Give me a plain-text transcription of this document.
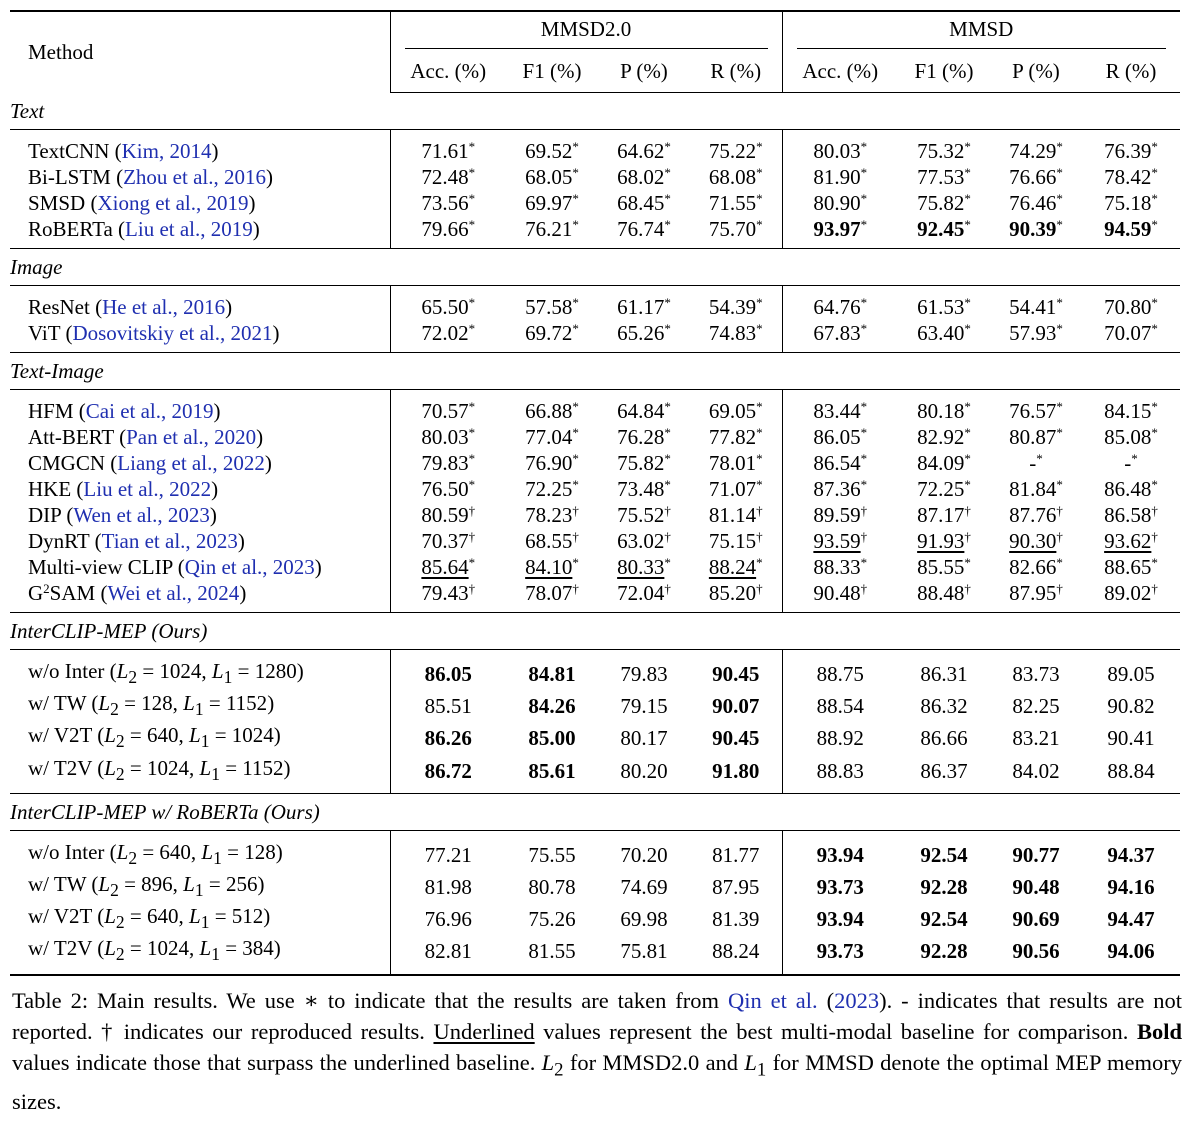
Method	MMSD2.0				MMSD			

	Acc. (%)	F1 (%)	P (%)	R (%)	Acc. (%)	F1 (%)	P (%)	R (%)
Text								
TextCNN (Kim, 2014)	71.61*	69.52*	64.62*	75.22*	80.03*	75.32*	74.29*	76.39*
Bi-LSTM (Zhou et al., 2016)	72.48*	68.05*	68.02*	68.08*	81.90*	77.53*	76.66*	78.42*
SMSD (Xiong et al., 2019)	73.56*	69.97*	68.45*	71.55*	80.90*	75.82*	76.46*	75.18*
RoBERTa (Liu et al., 2019)	79.66*	76.21*	76.74*	75.70*	93.97*	92.45*	90.39*	94.59*
Image								
ResNet (He et al., 2016)	65.50*	57.58*	61.17*	54.39*	64.76*	61.53*	54.41*	70.80*
ViT (Dosovitskiy et al., 2021)	72.02*	69.72*	65.26*	74.83*	67.83*	63.40*	57.93*	70.07*
Text-Image								
HFM (Cai et al., 2019)	70.57*	66.88*	64.84*	69.05*	83.44*	80.18*	76.57*	84.15*
Att-BERT (Pan et al., 2020)	80.03*	77.04*	76.28*	77.82*	86.05*	82.92*	80.87*	85.08*
CMGCN (Liang et al., 2022)	79.83*	76.90*	75.82*	78.01*	86.54*	84.09*	-*	-*
HKE (Liu et al., 2022)	76.50*	72.25*	73.48*	71.07*	87.36*	72.25*	81.84*	86.48*
DIP (Wen et al., 2023)	80.59†	78.23†	75.52†	81.14†	89.59†	87.17†	87.76†	86.58†
DynRT (Tian et al., 2023)	70.37†	68.55†	63.02†	75.15†	93.59†	91.93†	90.30†	93.62†
Multi-view CLIP (Qin et al., 2023)	85.64*	84.10*	80.33*	88.24*	88.33*	85.55*	82.66*	88.65*
$G^2SAM$ (Wei et al., 2024)	79.43†	78.07†	72.04†	85.20†	90.48†	88.48†	87.95†	89.02†
InterCLIP-MEP (Ours)								
w/o Inter ($L_2 = 1024$, $L_1 = 1280$)	86.05	84.81	79.83	90.45	88.75	86.31	83.73	89.05
w/ TW ($L_2 = 128$, $L_1 = 1152$)	85.51	84.26	79.15	90.07	88.54	86.32	82.25	90.82
w/ V2T ($L_2 = 640$, $L_1 = 1024$)	86.26	85.00	80.17	90.45	88.92	86.66	83.21	90.41
w/ T2V ($L_2 = 1024$, $L_1 = 1152$)	86.72	85.61	80.20	91.80	88.83	86.37	84.02	88.84
InterCLIP-MEP w/ RoBERTa (Ours)								
w/o Inter ($L_2 = 640$, $L_1 = 128$)	77.21	75.55	70.20	81.77	93.94	92.54	90.77	94.37
w/ TW ($L_2 = 896$, $L_1 = 256$)	81.98	80.78	74.69	87.95	93.73	92.28	90.48	94.16
w/ V2T ($L_2 = 640$, $L_1 = 512$)	76.96	75.26	69.98	81.39	93.94	92.54	90.69	94.47
w/ T2V ($L_2 = 1024$, $L_1 = 384$)	82.81	81.55	75.81	88.24	93.73	92.28	90.56	94.06
Table 2: Main results. We use ∗ to indicate that the results are taken from Qin et al. (2023). - indicates that results are not reported. † indicates our reproduced results. Underlined values represent the best multi-modal baseline for comparison. Bold values indicate those that surpass the underlined baseline. $L_2$ for MMSD2.0 and $L_1$ for MMSD denote the optimal MEP memory sizes.
